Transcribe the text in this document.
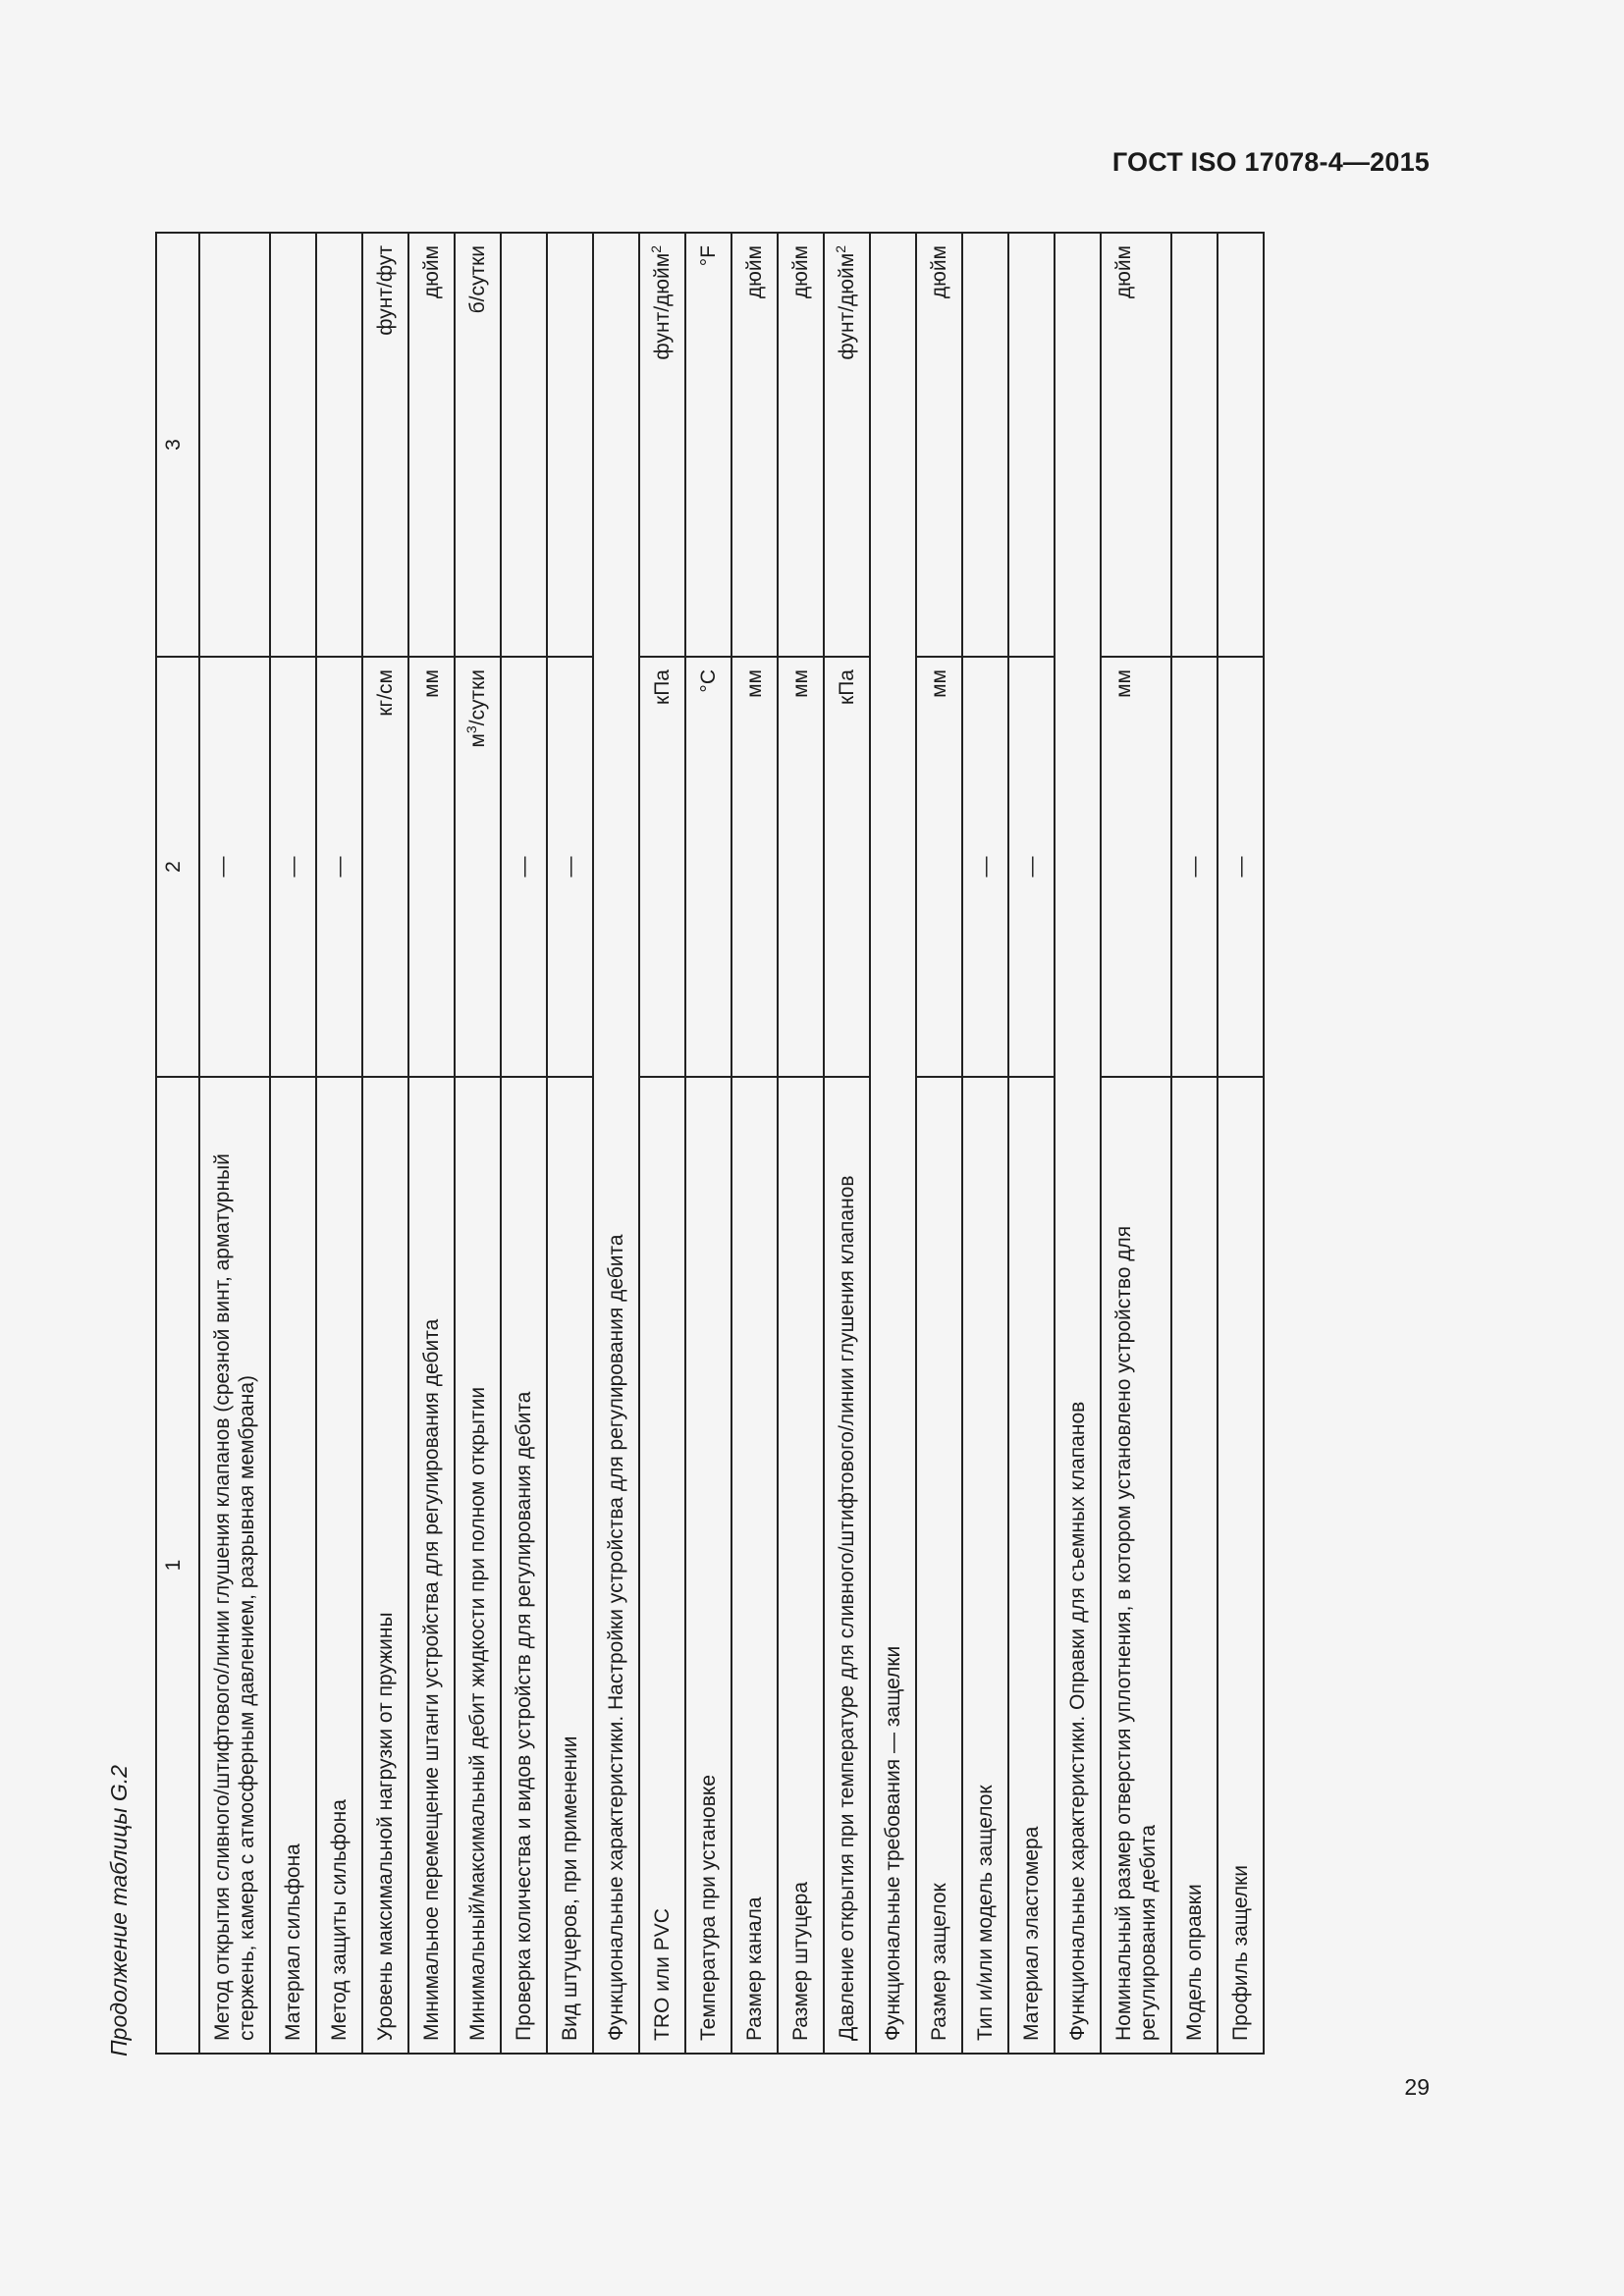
ГОСТ ISO 17078-4—2015
Продолжение таблицы G.2
1	2	3
Метод открытия сливного/штифтового/линии глушения клапанов (срезной винт, арматурный стержень, камера с атмосферным давлением, разрывная мембрана)	—	
Материал сильфона	—	
Метод защиты сильфона	—	
Уровень максимальной нагрузки от пружины	кг/см	фунт/фут
Минимальное перемещение штанги устройства для регулирования дебита	мм	дюйм
Минимальный/максимальный дебит жидкости при полном открытии	$м^3$/сутки	б/сутки
Проверка количества и видов устройств для регулирования дебита	—	
Вид штуцеров, при применении	—	
Функциональные характеристики. Настройки устройства для регулирования дебита		
TRO или PVC	кПа	фунт/дюйм$^2$
Температура при установке	°С	°F
Размер канала	мм	дюйм
Размер штуцера	мм	дюйм
Давление открытия при температуре для сливного/штифтового/линии глушения клапанов	кПа	фунт/дюйм$^2$
Функциональные требования — защелки		
Размер защелок	мм	дюйм
Тип и/или модель защелок	—	
Материал эластомера	—	
Функциональные характеристики. Оправки для съемных клапанов		
Номинальный размер отверстия уплотнения, в котором установлено устройство для регулирования дебита	мм	дюйм
Модель оправки	—	
Профиль защелки	—	
29
